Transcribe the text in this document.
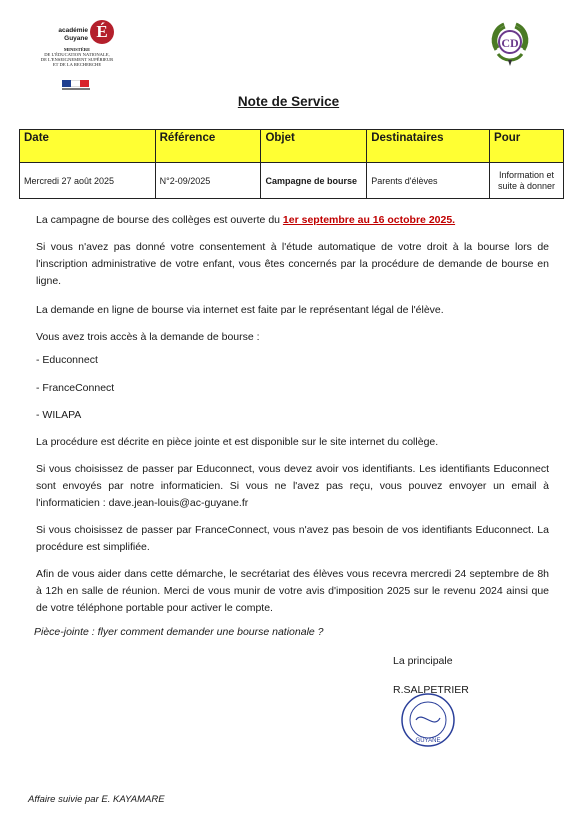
académie
Guyane É
MINISTÈRE
DE L'ÉDUCATION NATIONALE,
DE L'ENSEIGNEMENT SUPÉRIEUR
ET DE LA RECHERCHE
CD
Note de Service
Date	Référence	Objet	Destinataires	Pour
Mercredi 27 août 2025	N°2-09/2025	Campagne de bourse	Parents d'élèves	Information et suite à donner
La campagne de bourse des collèges est ouverte du 1er septembre au 16 octobre 2025.
Si vous n'avez pas donné votre consentement à l'étude automatique de votre droit à la bourse lors de l'inscription administrative de votre enfant, vous êtes concernés par la procédure de demande de bourse en ligne.
La demande en ligne de bourse via internet est faite par le représentant légal de l'élève.
Vous avez trois accès à la demande de bourse :
- Educonnect
- FranceConnect
- WILAPA
La procédure est décrite en pièce jointe et est disponible sur le site internet du collège.
Si vous choisissez de passer par Educonnect, vous devez avoir vos identifiants. Les identifiants Educonnect sont envoyés par notre informaticien. Si vous ne l'avez pas reçu, vous pouvez envoyer un email à l'informaticien : dave.jean-louis@ac-guyane.fr
Si vous choisissez de passer par FranceConnect, vous n'avez pas besoin de vos identifiants Educonnect. La procédure est simplifiée.
Afin de vous aider dans cette démarche, le secrétariat des élèves vous recevra mercredi 24 septembre de 8h à 12h en salle de réunion. Merci de vous munir de votre avis d'imposition 2025 sur le revenu 2024 ainsi que de votre téléphone portable pour activer le compte.
Pièce-jointe : flyer comment demander une bourse nationale ?
La principale
R.SALPETRIER
GUYANE
Affaire suivie par E. KAYAMARE
